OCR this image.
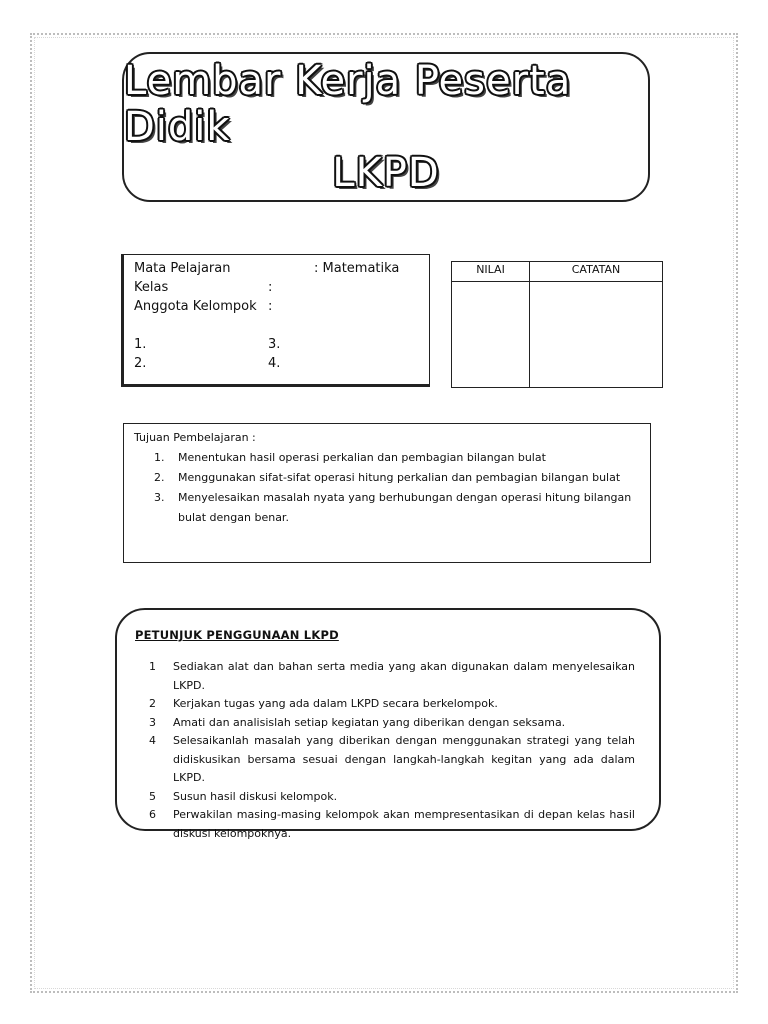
Lembar Kerja Peserta Didik
LKPD
Mata Pelajaran	: Matematika
Kelas	:
Anggota Kelompok :
1.	3.
2.	4.
NILAI	CATATAN
Tujuan Pembelajaran :
1. Menentukan hasil operasi perkalian dan pembagian bilangan bulat
2. Menggunakan sifat-sifat operasi hitung perkalian dan pembagian bilangan bulat
3. Menyelesaikan masalah nyata yang berhubungan dengan operasi hitung bilangan bulat dengan benar.
PETUNJUK PENGGUNAAN LKPD
1 Sediakan alat dan bahan serta media yang akan digunakan dalam menyelesaikan LKPD.
2 Kerjakan tugas yang ada dalam LKPD secara berkelompok.
3 Amati dan analisislah setiap kegiatan yang diberikan dengan seksama.
4 Selesaikanlah masalah yang diberikan dengan menggunakan strategi yang telah didiskusikan bersama sesuai dengan langkah-langkah kegitan yang ada dalam LKPD.
5 Susun hasil diskusi kelompok.
6 Perwakilan masing-masing kelompok akan mempresentasikan di depan kelas hasil diskusi kelompoknya.
